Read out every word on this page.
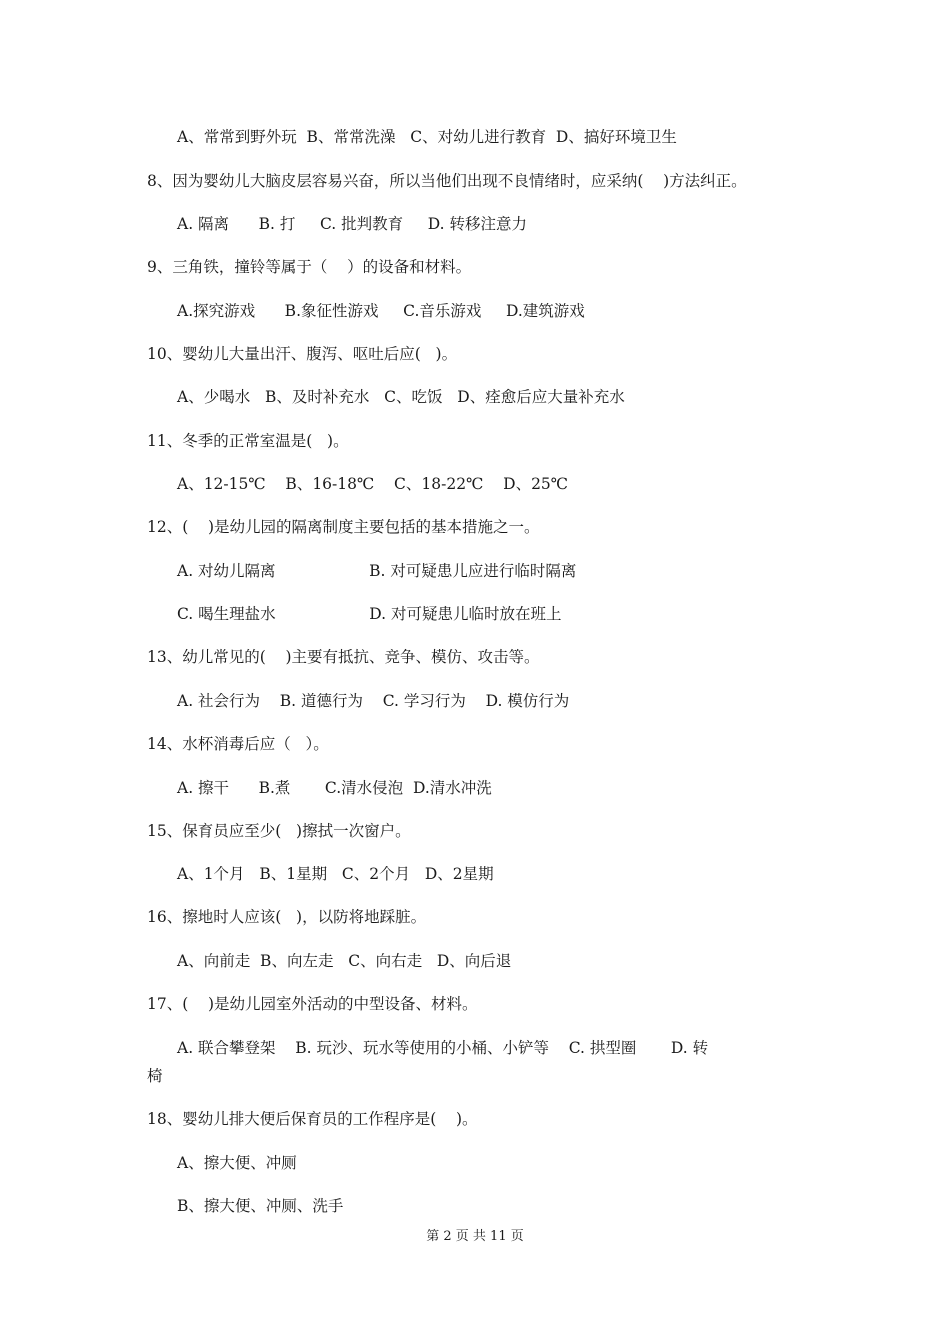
A、常常到野外玩  B、常常洗澡   C、对幼儿进行教育  D、搞好环境卫生
8、因为婴幼儿大脑皮层容易兴奋，所以当他们出现不良情绪时，应采纳(    )方法纠正。
A. 隔离      B. 打     C. 批判教育     D. 转移注意力
9、三角铁，撞铃等属于（    ）的设备和材料。
A.探究游戏      B.象征性游戏     C.音乐游戏     D.建筑游戏
10、婴幼儿大量出汗、腹泻、呕吐后应(   )。
A、少喝水   B、及时补充水   C、吃饭   D、痊愈后应大量补充水
11、冬季的正常室温是(   )。
A、12-15℃    B、16-18℃    C、18-22℃    D、25℃
12、(    )是幼儿园的隔离制度主要包括的基本措施之一。
A. 对幼儿隔离                   B. 对可疑患儿应进行临时隔离
C. 喝生理盐水                   D. 对可疑患儿临时放在班上
13、幼儿常见的(    )主要有抵抗、竞争、模仿、攻击等。
A. 社会行为    B. 道德行为    C. 学习行为    D. 模仿行为
14、水杯消毒后应（   ）。
A. 擦干      B.煮       C.清水侵泡  D.清水冲洗
15、保育员应至少(   )擦拭一次窗户。
A、1个月   B、1星期   C、2个月   D、2星期
16、擦地时人应该(   )，以防将地踩脏。
A、向前走  B、向左走   C、向右走   D、向后退
17、(    )是幼儿园室外活动的中型设备、材料。
A. 联合攀登架    B. 玩沙、玩水等使用的小桶、小铲等    C. 拱型圈       D. 转
椅
18、婴幼儿排大便后保育员的工作程序是(    )。
A、擦大便、冲厕
B、擦大便、冲厕、洗手
第 2 页 共 11 页
